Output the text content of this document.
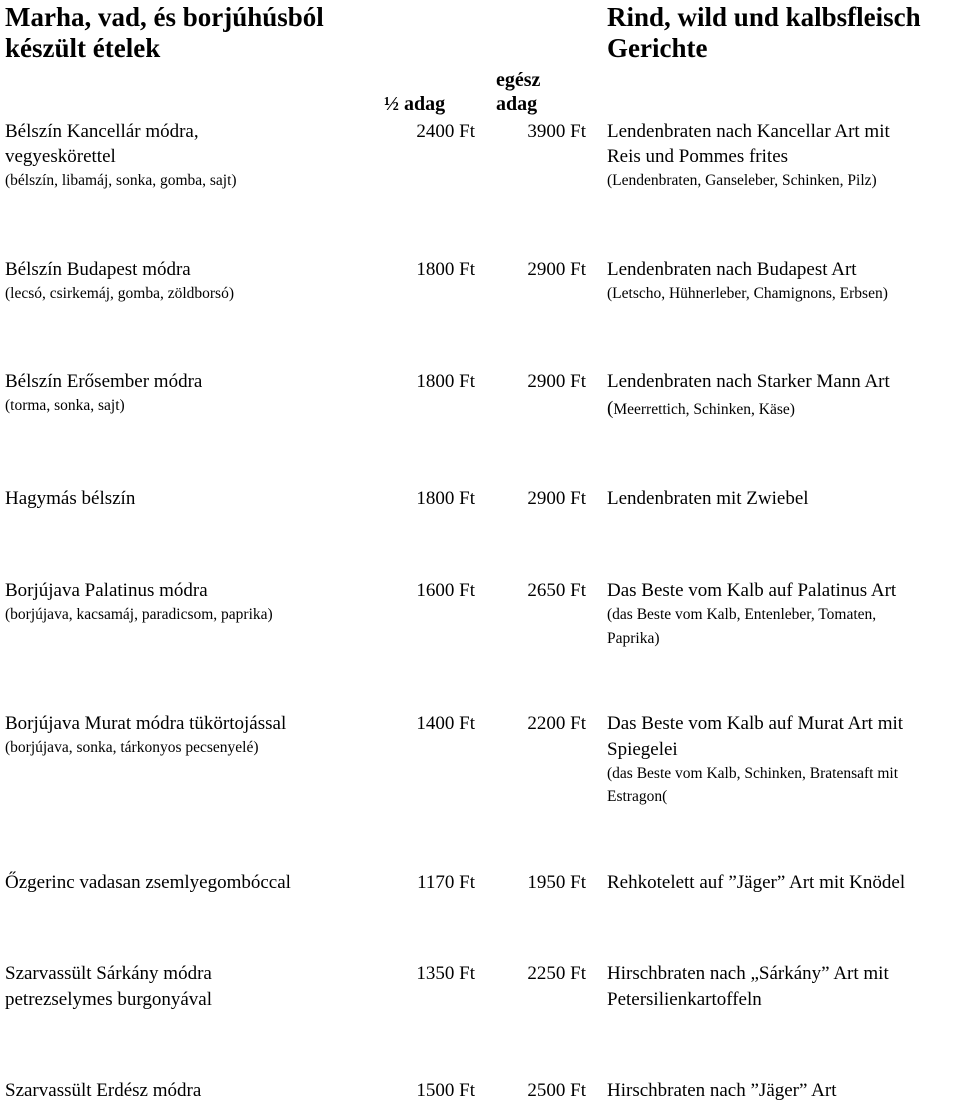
Marha, vad, és borjúhúsból
készült ételek
Rind, wild und kalbsfleisch
Gerichte
½ adag
egész
adag
Bélszín Kancellár módra,
vegyeskörettel
(bélszín, libamáj, sonka, gomba, sajt)
2400 Ft	3900 Ft Lendenbraten nach Kancellar Art mit
Reis und Pommes frites
(Lendenbraten, Ganseleber, Schinken, Pilz)
Bélszín Budapest módra
(lecsó, csirkemáj, gomba, zöldborsó)
1800 Ft	2900 Ft Lendenbraten nach Budapest Art
(Letscho, Hühnerleber, Chamignons, Erbsen)
Bélszín Erősember módra
(torma, sonka, sajt)
1800 Ft	2900 Ft Lendenbraten nach Starker Mann Art
(Meerrettich, Schinken, Käse)
Hagymás bélszín	1800 Ft	2900 Ft Lendenbraten mit Zwiebel
Borjújava Palatinus módra
(borjújava, kacsamáj, paradicsom, paprika)
1600 Ft	2650 Ft Das Beste vom Kalb auf Palatinus Art
(das Beste vom Kalb, Entenleber, Tomaten,
Paprika)
Borjújava Murat módra tükörtojással
(borjújava, sonka, tárkonyos pecsenyelé)
1400 Ft	2200 Ft Das Beste vom Kalb auf Murat Art mit
Spiegelei
(das Beste vom Kalb, Schinken, Bratensaft mit
Estragon(
Őzgerinc vadasan zsemlyegombóccal	1170 Ft	1950 Ft Rehkotelett auf ”Jäger” Art mit Knödel
Szarvassült Sárkány módra
petrezselymes burgonyával
1350 Ft	2250 Ft Hirschbraten nach „Sárkány” Art mit
Petersilienkartoffeln
Szarvassült Erdész módra	1500 Ft	2500 Ft Hirschbraten nach ”Jäger” Art
